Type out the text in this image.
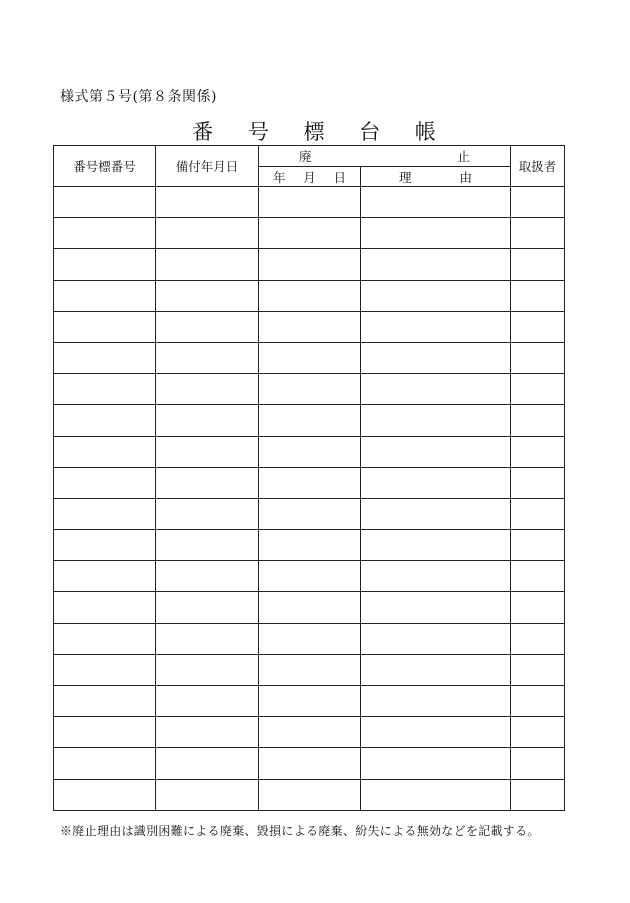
様式第５号(第８条関係)
番 号 標 台 帳
番号標番号	備付年月日	廃 止		取扱者

		年 月 日	理 由	

※廃止理由は識別困難による廃棄、毀損による廃棄、紛失による無効などを記載する。
